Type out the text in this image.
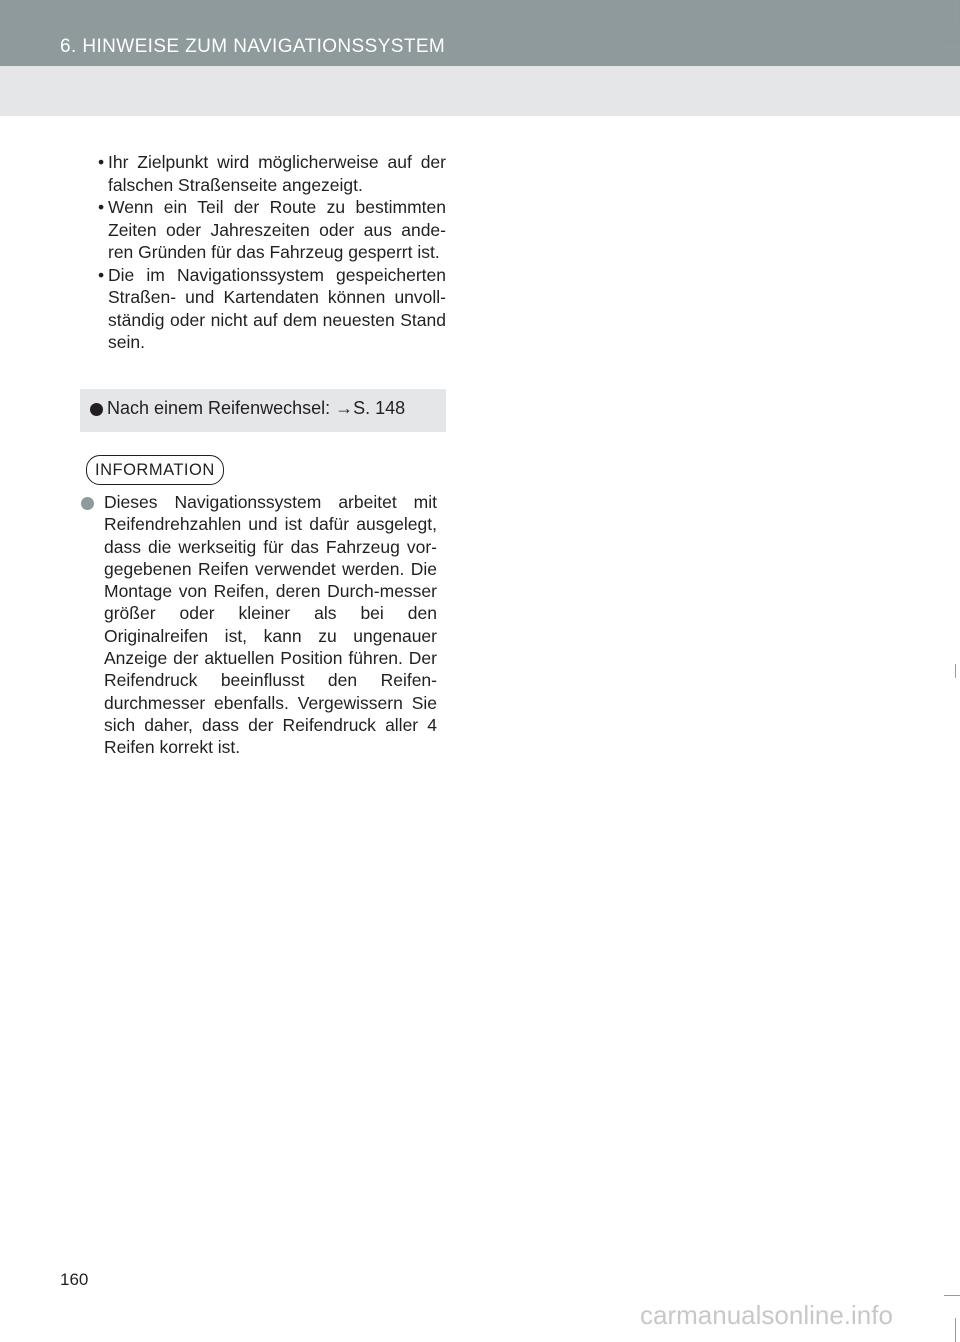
6. HINWEISE ZUM NAVIGATIONSSYSTEM
• Ihr Zielpunkt wird möglicherweise auf der falschen Straßenseite angezeigt.
• Wenn ein Teil der Route zu bestimmten Zeiten oder Jahreszeiten oder aus ande-ren Gründen für das Fahrzeug gesperrt ist.
• Die im Navigationssystem gespeicherten Straßen- und Kartendaten können unvoll-ständig oder nicht auf dem neuesten Stand sein.
Nach einem Reifenwechsel: →S. 148
INFORMATION
Dieses Navigationssystem arbeitet mit Reifendrehzahlen und ist dafür ausgelegt, dass die werkseitig für das Fahrzeug vor-gegebenen Reifen verwendet werden. Die Montage von Reifen, deren Durch-messer größer oder kleiner als bei den Originalreifen ist, kann zu ungenauer Anzeige der aktuellen Position führen. Der Reifendruck beeinflusst den Reifen-durchmesser ebenfalls. Vergewissern Sie sich daher, dass der Reifendruck aller 4 Reifen korrekt ist.
160
carmanualsonline.info
